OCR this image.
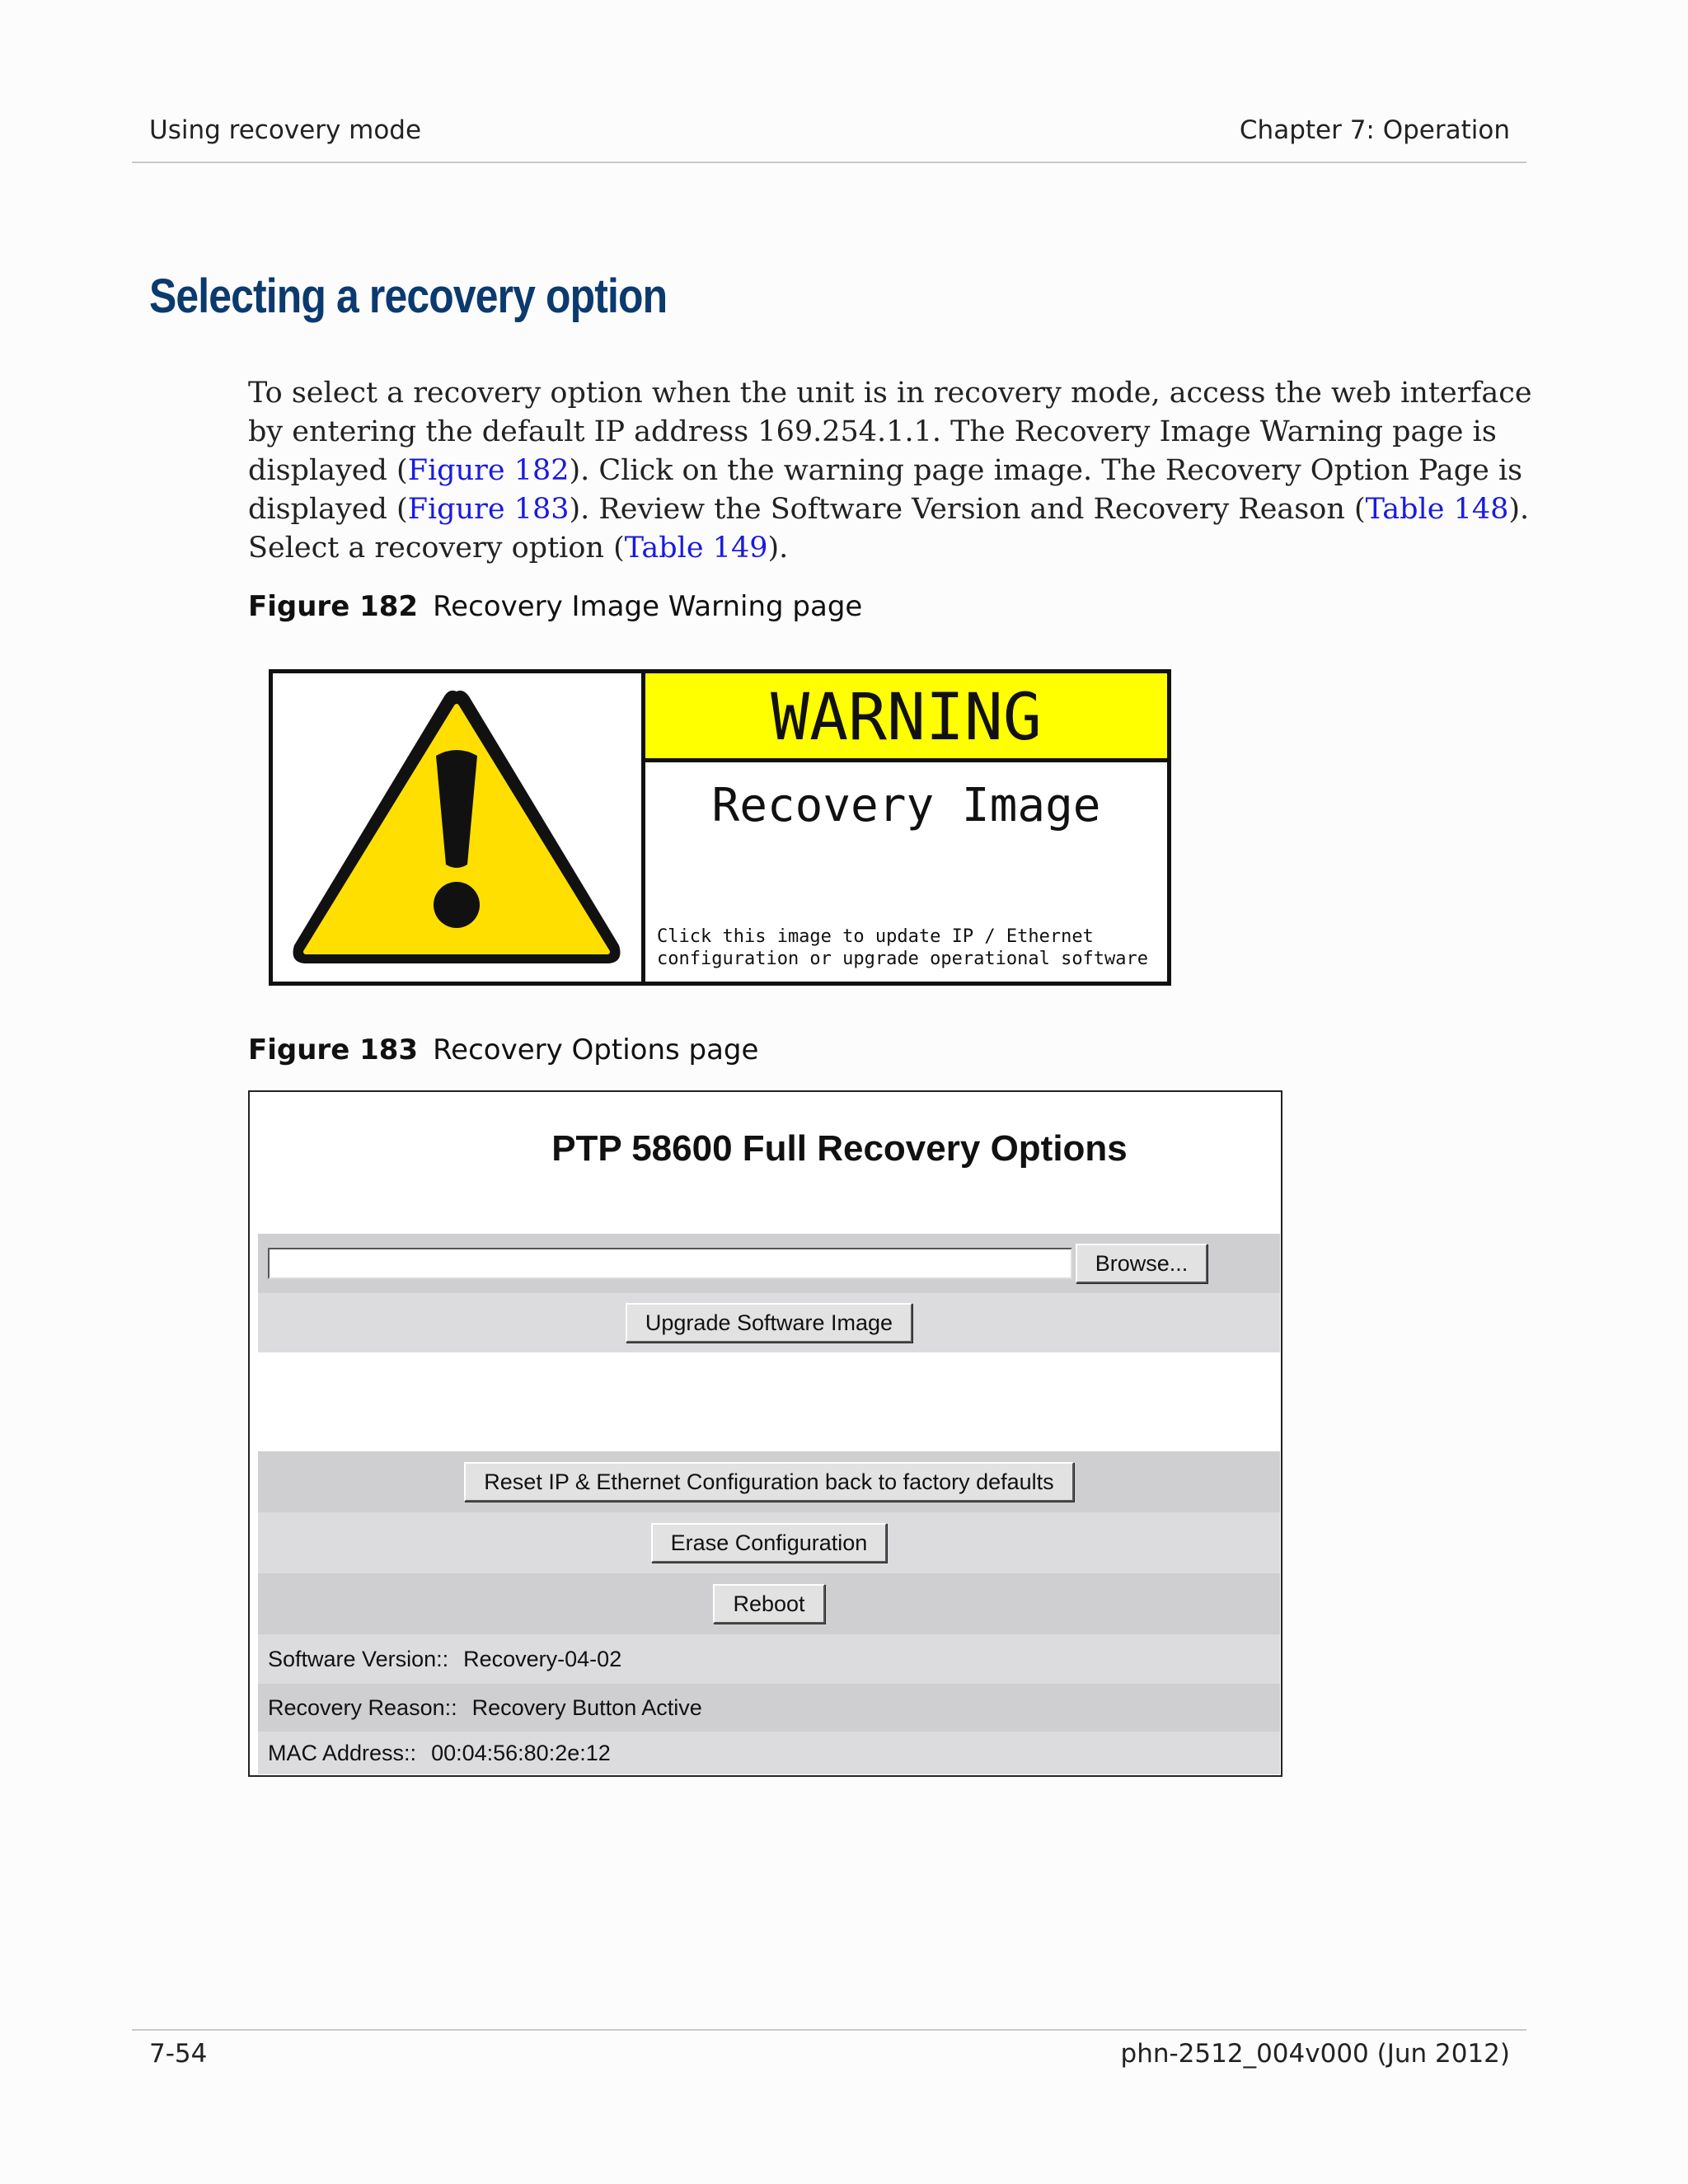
Using recovery mode	Chapter 7: Operation
Selecting a recovery option
To select a recovery option when the unit is in recovery mode, access the web interface by entering the default IP address 169.254.1.1. The Recovery Image Warning page is displayed (Figure 182). Click on the warning page image. The Recovery Option Page is displayed (Figure 183). Review the Software Version and Recovery Reason (Table 148). Select a recovery option (Table 149).
Figure 182 Recovery Image Warning page
WARNING
Recovery Image
Click this image to update IP / Ethernet
configuration or upgrade operational software
Figure 183 Recovery Options page
PTP 58600 Full Recovery Options
Browse...
Upgrade Software Image
Reset IP & Ethernet Configuration back to factory defaults
Erase Configuration
Reboot
Software Version:: Recovery-04-02
Recovery Reason:: Recovery Button Active
MAC Address:: 00:04:56:80:2e:12
7-54	phn-2512_004v000 (Jun 2012)
